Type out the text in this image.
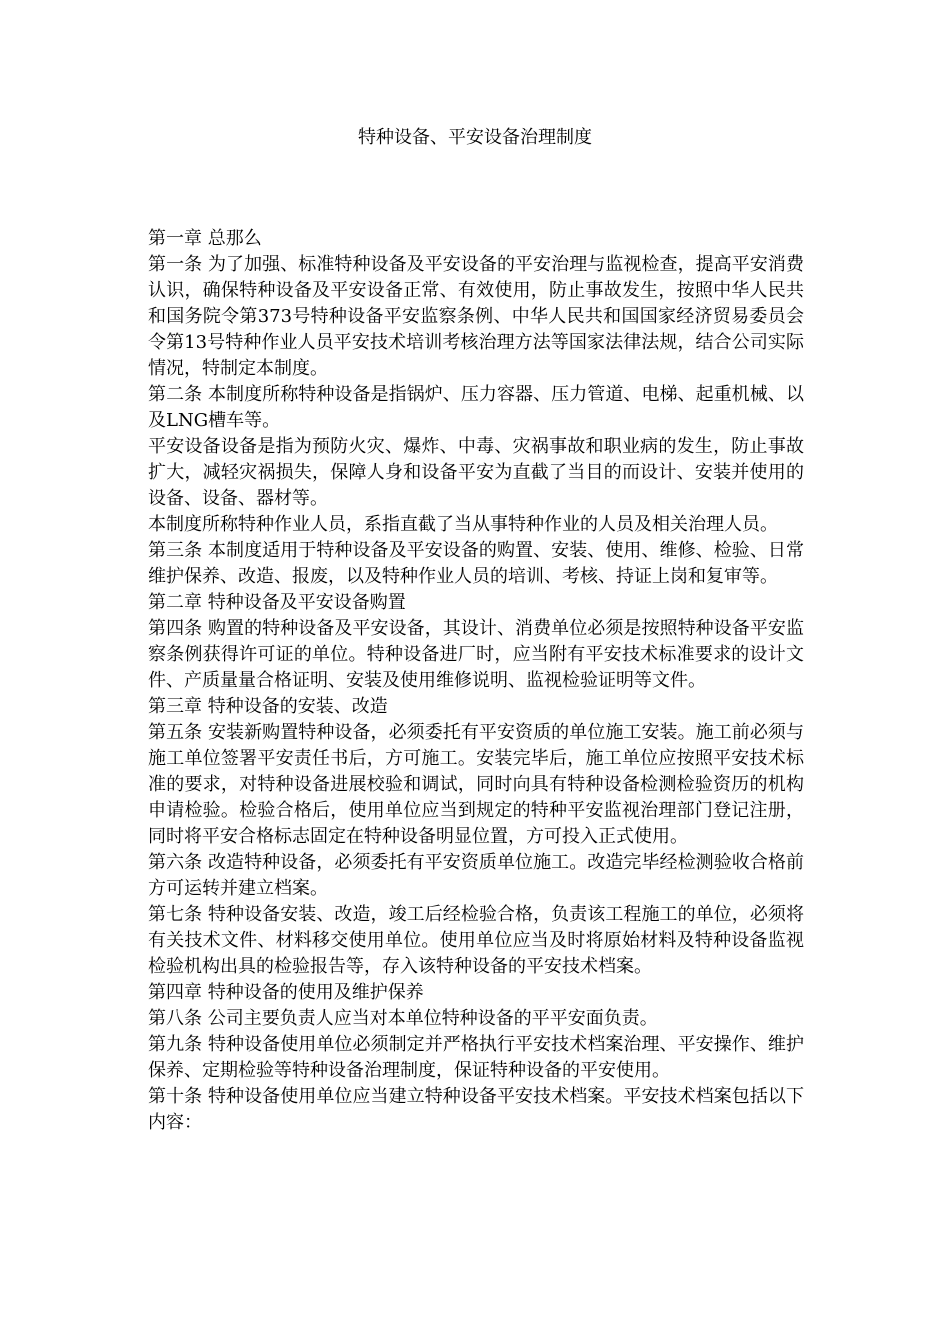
特种设备、平安设备治理制度

第一章 总那么

第一条 为了加强、标准特种设备及平安设备的平安治理与监视检查，提高平安消费认识，确保特种设备及平安设备正常、有效使用，防止事故发生，按照中华人民共和国务院令第373号特种设备平安监察条例、中华人民共和国国家经济贸易委员会令第13号特种作业人员平安技术培训考核治理方法等国家法律法规，结合公司实际情况，特制定本制度。

第二条 本制度所称特种设备是指锅炉、压力容器、压力管道、电梯、起重机械、以及LNG槽车等。

平安设备设备是指为预防火灾、爆炸、中毒、灾祸事故和职业病的发生，防止事故扩大，减轻灾祸损失，保障人身和设备平安为直截了当目的而设计、安装并使用的设备、设备、器材等。

本制度所称特种作业人员，系指直截了当从事特种作业的人员及相关治理人员。

第三条 本制度适用于特种设备及平安设备的购置、安装、使用、维修、检验、日常维护保养、改造、报废，以及特种作业人员的培训、考核、持证上岗和复审等。

第二章 特种设备及平安设备购置

第四条 购置的特种设备及平安设备，其设计、消费单位必须是按照特种设备平安监察条例获得许可证的单位。特种设备进厂时，应当附有平安技术标准要求的设计文件、产质量量合格证明、安装及使用维修说明、监视检验证明等文件。

第三章 特种设备的安装、改造

第五条 安装新购置特种设备，必须委托有平安资质的单位施工安装。施工前必须与施工单位签署平安责任书后，方可施工。安装完毕后，施工单位应按照平安技术标准的要求，对特种设备进展校验和调试，同时向具有特种设备检测检验资历的机构申请检验。检验合格后，使用单位应当到规定的特种平安监视治理部门登记注册，同时将平安合格标志固定在特种设备明显位置，方可投入正式使用。

第六条 改造特种设备，必须委托有平安资质单位施工。改造完毕经检测验收合格前方可运转并建立档案。

第七条 特种设备安装、改造，竣工后经检验合格，负责该工程施工的单位，必须将有关技术文件、材料移交使用单位。使用单位应当及时将原始材料及特种设备监视检验机构出具的检验报告等，存入该特种设备的平安技术档案。

第四章 特种设备的使用及维护保养

第八条 公司主要负责人应当对本单位特种设备的平平安面负责。

第九条 特种设备使用单位必须制定并严格执行平安技术档案治理、平安操作、维护保养、定期检验等特种设备治理制度，保证特种设备的平安使用。

第十条 特种设备使用单位应当建立特种设备平安技术档案。平安技术档案包括以下内容：
